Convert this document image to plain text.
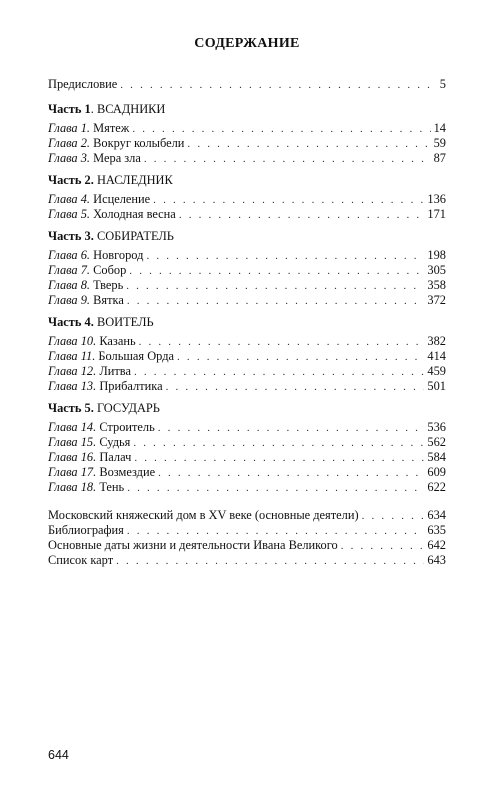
СОДЕРЖАНИЕ
Предисловие . . .	5
Часть 1. ВСАДНИКИ
Глава 1. Мятеж . . .	14
Глава 2. Вокруг колыбели . . .	59
Глава 3. Мера зла . . .	87
Часть 2. НАСЛЕДНИК
Глава 4. Исцеление . . .	136
Глава 5. Холодная весна . . .	171
Часть 3. СОБИРАТЕЛЬ
Глава 6. Новгород . . .	198
Глава 7. Собор . . .	305
Глава 8. Тверь . . .	358
Глава 9. Вятка . . .	372
Часть 4. ВОИТЕЛЬ
Глава 10. Казань . . .	382
Глава 11. Большая Орда . . .	414
Глава 12. Литва . . .	459
Глава 13. Прибалтика . . .	501
Часть 5. ГОСУДАРЬ
Глава 14. Строитель . . .	536
Глава 15. Судья . . .	562
Глава 16. Палач . . .	584
Глава 17. Возмездие . . .	609
Глава 18. Тень . . .	622
Московский княжеский дом в XV веке (основные деятели) . . .	634
Библиография . . .	635
Основные даты жизни и деятельности Ивана Великого . . .	642
Список карт . . .	643
644
